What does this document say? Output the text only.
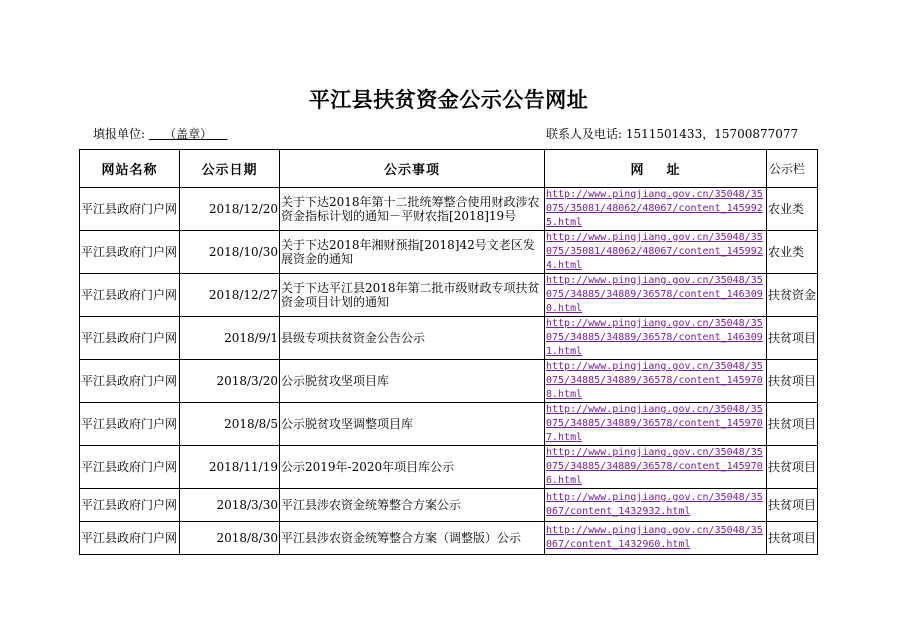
平江县扶贫资金公示公告网址
填报单位:     （盖章）	联系人及电话: 1511501433，15700877077
网站名称	公示日期	公示事项	网    址	公示栏
平江县政府门户网	2018/12/20	关于下达2018年第十二批统筹整合使用财政涉农资金指标计划的通知－平财农指[2018]19号	http://www.pingjiang.gov.cn/35048/35075/35081/48062/48067/content_1459925.html	农业类
平江县政府门户网	2018/10/30	关于下达2018年湘财预指[2018]42号文老区发展资金的通知	http://www.pingjiang.gov.cn/35048/35075/35081/48062/48067/content_1459924.html	农业类
平江县政府门户网	2018/12/27	关于下达平江县2018年第二批市级财政专项扶贫资金项目计划的通知	http://www.pingjiang.gov.cn/35048/35075/34885/34889/36578/content_1463090.html	扶贫资金
平江县政府门户网	2018/9/1	县级专项扶贫资金公告公示	http://www.pingjiang.gov.cn/35048/35075/34885/34889/36578/content_1463091.html	扶贫项目
平江县政府门户网	2018/3/20	公示脱贫攻坚项目库	http://www.pingjiang.gov.cn/35048/35075/34885/34889/36578/content_1459708.html	扶贫项目
平江县政府门户网	2018/8/5	公示脱贫攻坚调整项目库	http://www.pingjiang.gov.cn/35048/35075/34885/34889/36578/content_1459707.html	扶贫项目
平江县政府门户网	2018/11/19	公示2019年-2020年项目库公示	http://www.pingjiang.gov.cn/35048/35075/34885/34889/36578/content_1459706.html	扶贫项目
平江县政府门户网	2018/3/30	平江县涉农资金统筹整合方案公示	http://www.pingjiang.gov.cn/35048/35067/content_1432932.html	扶贫项目
平江县政府门户网	2018/8/30	平江县涉农资金统筹整合方案（调整版）公示	http://www.pingjiang.gov.cn/35048/35067/content_1432960.html	扶贫项目
